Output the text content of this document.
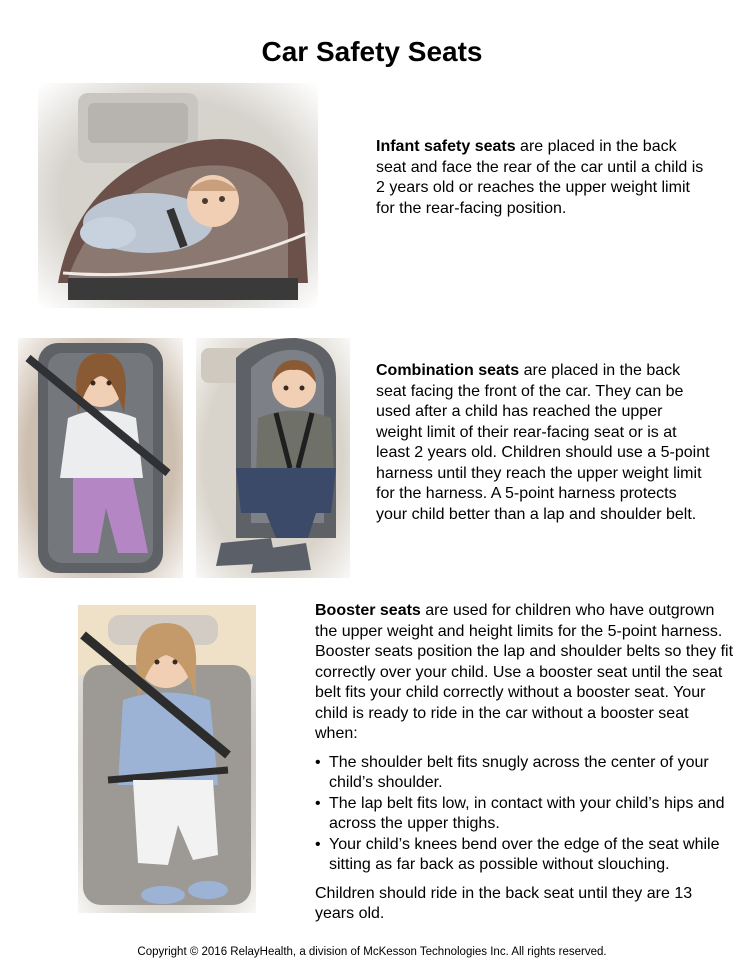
Car Safety Seats

Infant safety seats are placed in the back seat and face the rear of the car until a child is 2 years old or reaches the upper weight limit for the rear-facing position.

Combination seats are placed in the back seat facing the front of the car. They can be used after a child has reached the upper weight limit of their rear-facing seat or is at least 2 years old. Children should use a 5-point harness until they reach the upper weight limit for the harness. A 5-point harness protects your child better than a lap and shoulder belt.

Booster seats are used for children who have outgrown the upper weight and height limits for the 5-point harness. Booster seats position the lap and shoulder belts so they fit correctly over your child. Use a booster seat until the seat belt fits your child correctly without a booster seat. Your child is ready to ride in the car without a booster seat when:

• The shoulder belt fits snugly across the center of your child’s shoulder.
• The lap belt fits low, in contact with your child’s hips and across the upper thighs.
• Your child’s knees bend over the edge of the seat while sitting as far back as possible without slouching.

Children should ride in the back seat until they are 13 years old.

Copyright © 2016 RelayHealth, a division of McKesson Technologies Inc. All rights reserved.
